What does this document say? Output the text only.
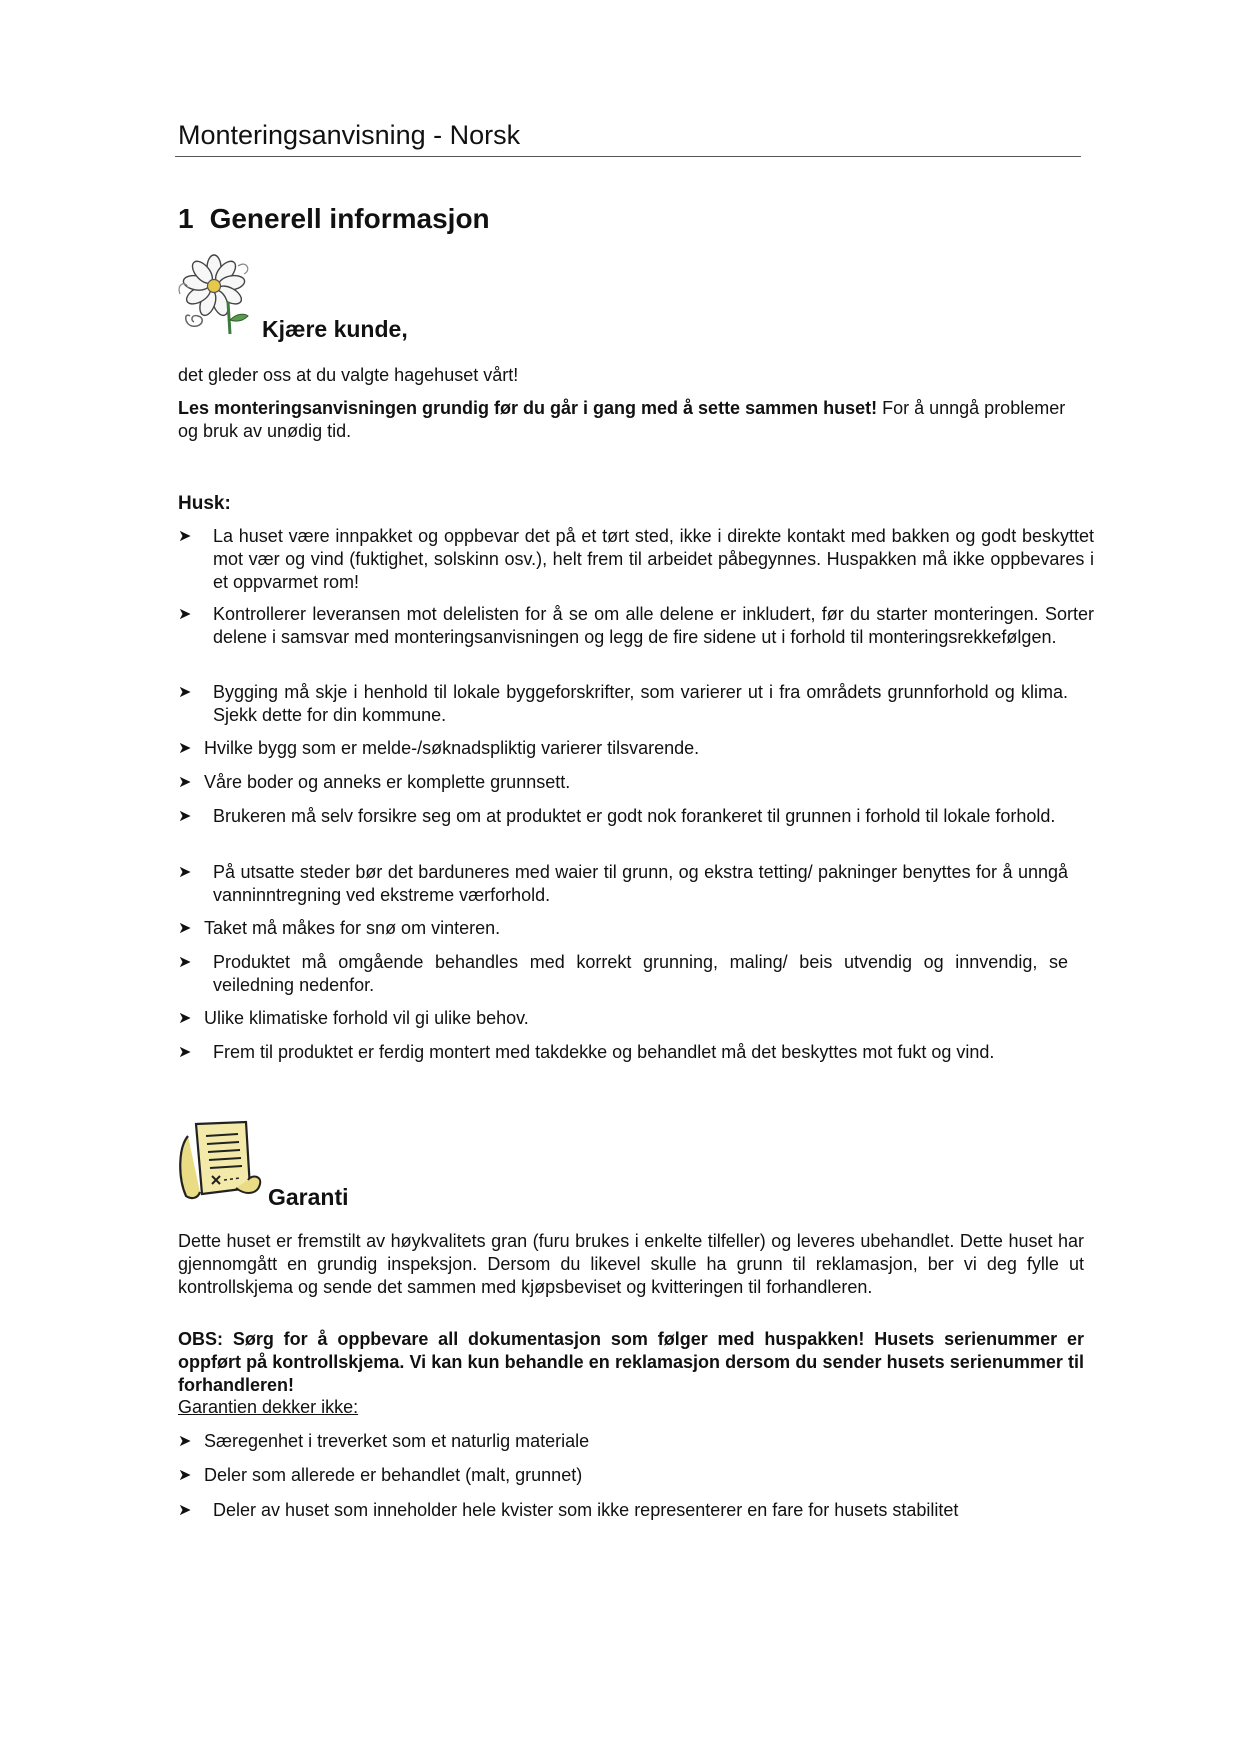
Monteringsanvisning - Norsk
1 Generell informasjon
Kjære kunde,
det gleder oss at du valgte hagehuset vårt!
Les monteringsanvisningen grundig før du går i gang med å sette sammen huset! For å unngå problemer og bruk av unødig tid.
Husk:
➤ La huset være innpakket og oppbevar det på et tørt sted, ikke i direkte kontakt med bakken og godt beskyttet mot vær og vind (fuktighet, solskinn osv.), helt frem til arbeidet påbegynnes. Huspakken må ikke oppbevares i et oppvarmet rom!
➤ Kontrollerer leveransen mot delelisten for å se om alle delene er inkludert, før du starter monteringen. Sorter delene i samsvar med monteringsanvisningen og legg de fire sidene ut i forhold til monteringsrekkefølgen.
➤ Bygging må skje i henhold til lokale byggeforskrifter, som varierer ut i fra områdets grunnforhold og klima. Sjekk dette for din kommune.
➤ Hvilke bygg som er melde-/søknadspliktig varierer tilsvarende.
➤ Våre boder og anneks er komplette grunnsett.
➤ Brukeren må selv forsikre seg om at produktet er godt nok forankeret til grunnen i forhold til lokale forhold.
➤ På utsatte steder bør det barduneres med waier til grunn, og ekstra tetting/ pakninger benyttes for å unngå vanninntregning ved ekstreme værforhold.
➤ Taket må måkes for snø om vinteren.
➤ Produktet må omgående behandles med korrekt grunning, maling/ beis utvendig og innvendig, se veiledning nedenfor.
➤ Ulike klimatiske forhold vil gi ulike behov.
➤ Frem til produktet er ferdig montert med takdekke og behandlet må det beskyttes mot fukt og vind.
Garanti
Dette huset er fremstilt av høykvalitets gran (furu brukes i enkelte tilfeller) og leveres ubehandlet. Dette huset har gjennomgått en grundig inspeksjon. Dersom du likevel skulle ha grunn til reklamasjon, ber vi deg fylle ut kontrollskjema og sende det sammen med kjøpsbeviset og kvitteringen til forhandleren.
OBS: Sørg for å oppbevare all dokumentasjon som følger med huspakken! Husets serienummer er oppført på kontrollskjema. Vi kan kun behandle en reklamasjon dersom du sender husets serienummer til forhandleren!
Garantien dekker ikke:
➤ Særegenhet i treverket som et naturlig materiale
➤ Deler som allerede er behandlet (malt, grunnet)
➤ Deler av huset som inneholder hele kvister som ikke representerer en fare for husets stabilitet
